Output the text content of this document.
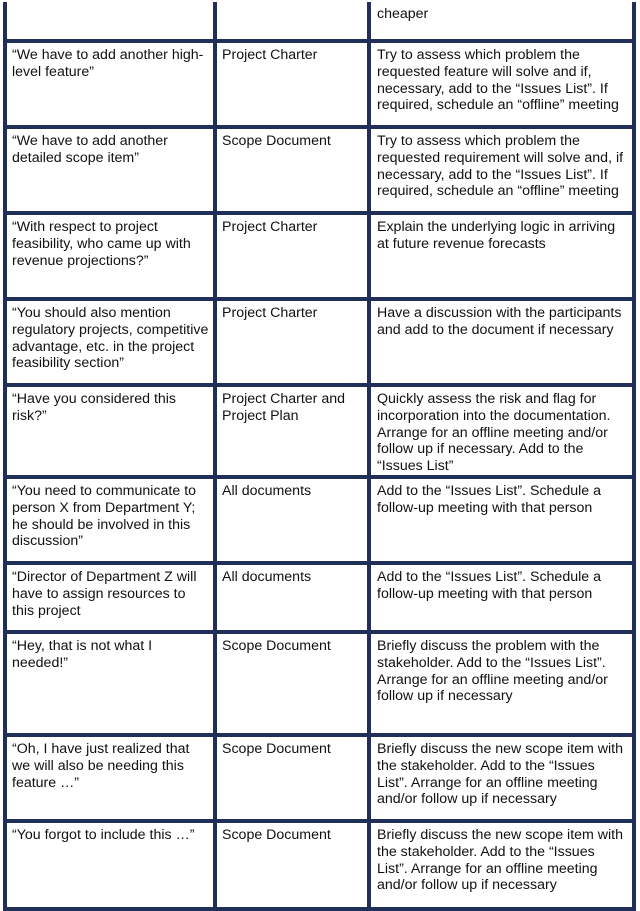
		cheaper
“We have to add another high-level feature”	Project Charter	Try to assess which problem the requested feature will solve and if, necessary, add to the “Issues List”. If required, schedule an “offline” meeting
“We have to add another detailed scope item”	Scope Document	Try to assess which problem the requested requirement will solve and, if necessary, add to the “Issues List”. If required, schedule an “offline” meeting
“With respect to project feasibility, who came up with revenue projections?”	Project Charter	Explain the underlying logic in arriving at future revenue forecasts
“You should also mention regulatory projects, competitive advantage, etc. in the project feasibility section”	Project Charter	Have a discussion with the participants and add to the document if necessary
“Have you considered this risk?”	Project Charter and Project Plan	Quickly assess the risk and flag for incorporation into the documentation. Arrange for an offline meeting and/or follow up if necessary. Add to the “Issues List”
“You need to communicate to person X from Department Y; he should be involved in this discussion”	All documents	Add to the “Issues List”. Schedule a follow-up meeting with that person
“Director of Department Z will have to assign resources to this project	All documents	Add to the “Issues List”. Schedule a follow-up meeting with that person
“Hey, that is not what I needed!”	Scope Document	Briefly discuss the problem with the stakeholder. Add to the “Issues List”. Arrange for an offline meeting and/or follow up if necessary
“Oh, I have just realized that we will also be needing this feature …”	Scope Document	Briefly discuss the new scope item with the stakeholder. Add to the “Issues List”. Arrange for an offline meeting and/or follow up if necessary
“You forgot to include this …”	Scope Document	Briefly discuss the new scope item with the stakeholder. Add to the “Issues List”. Arrange for an offline meeting and/or follow up if necessary
